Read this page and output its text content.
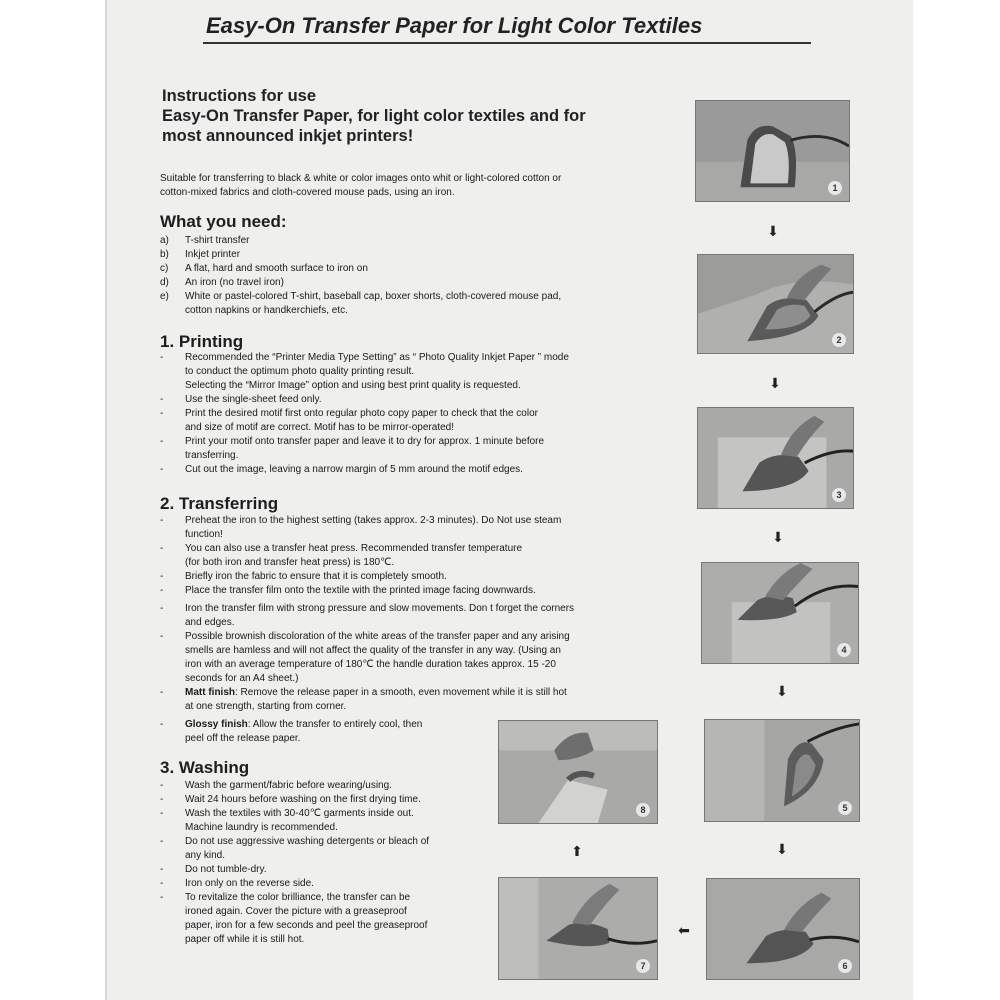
Easy-On Transfer Paper for Light Color Textiles
Instructions for use
Easy-On Transfer Paper, for light color textiles and for
most announced inkjet printers!
Suitable for transferring to black & white or color images onto whit or light-colored cotton or
cotton-mixed fabrics and cloth-covered mouse pads, using an iron.
What you need:
a)	T-shirt transfer
b)	Inkjet printer
c)	A flat, hard and smooth surface to iron on
d)	An iron (no travel iron)
e)	White or pastel-colored T-shirt, baseball cap, boxer shorts, cloth-covered mouse pad,
cotton napkins or handkerchiefs, etc.
1. Printing
-	Recommended the “Printer Media Type Setting” as “ Photo Quality Inkjet Paper ” mode
to conduct the optimum photo quality printing result.
Selecting the “Mirror Image” option and using best print quality is requested.
-	Use the single-sheet feed only.
-	Print the desired motif first onto regular photo copy paper to check that the color
and size of motif are correct. Motif has to be mirror-operated!
-	Print your motif onto transfer paper and leave it to dry for approx. 1 minute before
transferring.
-	Cut out the image, leaving a narrow margin of 5 mm around the motif edges.
2. Transferring
-	Preheat the iron to the highest setting (takes approx. 2-3 minutes). Do Not use steam
function!
-	You can also use a transfer heat press. Recommended transfer temperature
(for both iron and transfer heat press) is 180℃.
-	Briefly iron the fabric to ensure that it is completely smooth.
-	Place the transfer film onto the textile with the printed image facing downwards.
-	Iron the transfer film with strong pressure and slow movements. Don t forget the corners
and edges.
-	Possible brownish discoloration of the white areas of the transfer paper and any arising
smells are hamless and will not affect the quality of the transfer in any way. (Using an
iron with an average temperature of 180℃ the handle duration takes approx. 15 -20
seconds for an A4 sheet.)
-	Matt finish: Remove the release paper in a smooth, even movement while it is still hot
at one strength, starting from corner.
-	Glossy finish: Allow the transfer to entirely cool, then
peel off the release paper.
3. Washing
-	Wash the garment/fabric before wearing/using.
-	Wait 24 hours before washing on the first drying time.
-	Wash the textiles with 30-40℃ garments inside out.
Machine laundry is recommended.
-	Do not use aggressive washing detergents or bleach of
any kind.
-	Do not tumble-dry.
-	Iron only on the reverse side.
-	To revitalize the color brilliance, the transfer can be
ironed again. Cover the picture with a greaseproof
paper, iron for a few seconds and peel the greaseproof
paper off while it is still hot.
1
⬇
2
⬇
3
⬇
4
⬇
5
⬇
6
⬅
7
⬆
8
